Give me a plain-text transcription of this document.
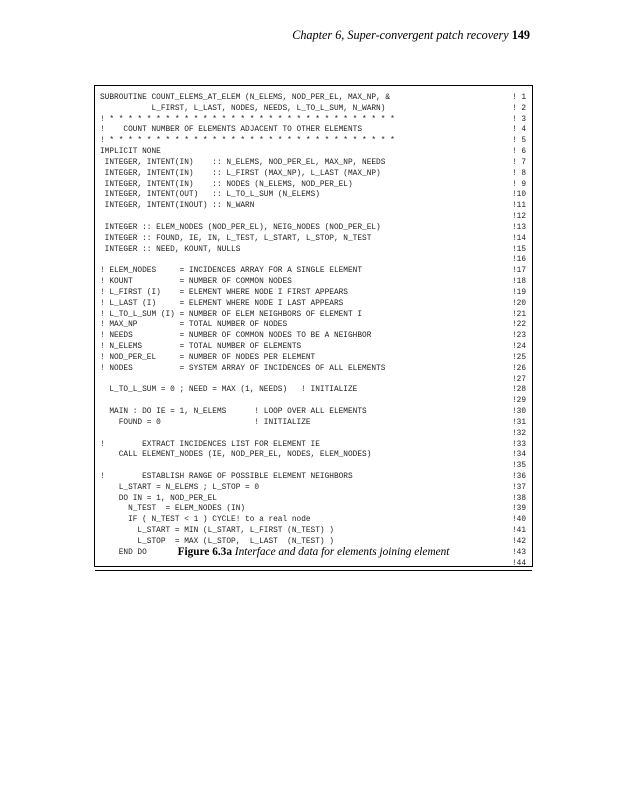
Chapter 6, Super-convergent patch recovery 149
SUBROUTINE COUNT_ELEMS_AT_ELEM (N_ELEMS, NOD_PER_EL, MAX_NP, &	! 1
L_FIRST, L_LAST, NODES, NEEDS, L_TO_L_SUM, N_WARN)	! 2
! * * * * * * * * * * * * * * * * * * * * * * * * * * * * * * *	! 3
!    COUNT NUMBER OF ELEMENTS ADJACENT TO OTHER ELEMENTS	! 4
! * * * * * * * * * * * * * * * * * * * * * * * * * * * * * * *	! 5
IMPLICIT NONE	! 6
INTEGER, INTENT(IN)    :: N_ELEMS, NOD_PER_EL, MAX_NP, NEEDS	! 7
INTEGER, INTENT(IN)    :: L_FIRST (MAX_NP), L_LAST (MAX_NP)	! 8
INTEGER, INTENT(IN)    :: NODES (N_ELEMS, NOD_PER_EL)	! 9
INTEGER, INTENT(OUT)   :: L_TO_L_SUM (N_ELEMS)	!10
INTEGER, INTENT(INOUT) :: N_WARN	!11
!12
INTEGER :: ELEM_NODES (NOD_PER_EL), NEIG_NODES (NOD_PER_EL)	!13
INTEGER :: FOUND, IE, IN, L_TEST, L_START, L_STOP, N_TEST	!14
INTEGER :: NEED, KOUNT, NULLS	!15
!16
! ELEM_NODES     = INCIDENCES ARRAY FOR A SINGLE ELEMENT	!17
! KOUNT          = NUMBER OF COMMON NODES	!18
! L_FIRST (I)    = ELEMENT WHERE NODE I FIRST APPEARS	!19
! L_LAST (I)     = ELEMENT WHERE NODE I LAST APPEARS	!20
! L_TO_L_SUM (I) = NUMBER OF ELEM NEIGHBORS OF ELEMENT I	!21
! MAX_NP         = TOTAL NUMBER OF NODES	!22
! NEEDS          = NUMBER OF COMMON NODES TO BE A NEIGHBOR	!23
! N_ELEMS        = TOTAL NUMBER OF ELEMENTS	!24
! NOD_PER_EL     = NUMBER OF NODES PER ELEMENT	!25
! NODES          = SYSTEM ARRAY OF INCIDENCES OF ALL ELEMENTS	!26
!27
L_TO_L_SUM = 0 ; NEED = MAX (1, NEEDS)   ! INITIALIZE	!28
!29
MAIN : DO IE = 1, N_ELEMS      ! LOOP OVER ALL ELEMENTS	!30
FOUND = 0                    ! INITIALIZE	!31
!32
!        EXTRACT INCIDENCES LIST FOR ELEMENT IE	!33
CALL ELEMENT_NODES (IE, NOD_PER_EL, NODES, ELEM_NODES)	!34
!35
!        ESTABLISH RANGE OF POSSIBLE ELEMENT NEIGHBORS	!36
L_START = N_ELEMS ; L_STOP = 0	!37
DO IN = 1, NOD_PER_EL	!38
N_TEST  = ELEM_NODES (IN)	!39
IF ( N_TEST < 1 ) CYCLE! to a real node	!40
L_START = MIN (L_START, L_FIRST (N_TEST) )	!41
L_STOP  = MAX (L_STOP,  L_LAST  (N_TEST) )	!42
END DO	!43
!44
Figure 6.3a Interface and data for elements joining element
